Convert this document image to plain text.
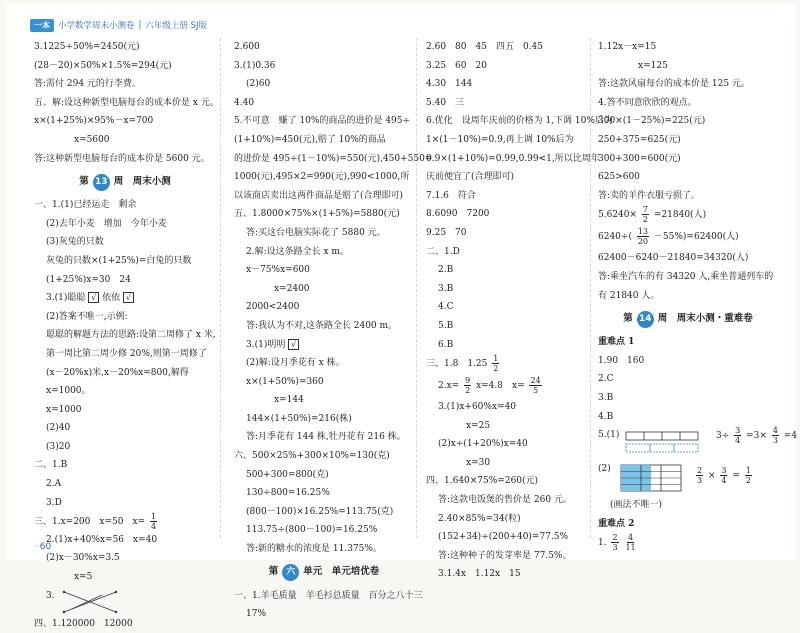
一本 小学数学周末小测卷 | 六年级上册 SJ版
3.1225÷50%=2450(元)
(28－20)×50%×1.5%=294(元)
答:需付 294 元的行李费。
五、解:设这种新型电脑每台的成本价是 x 元。
x×(1+25%)×95%－x=700
x=5600
答:这种新型电脑每台的成本价是 5600 元。
第 13 周　周末小测
一、1.(1)已经运走　剩余
(2)去年小麦　增加　今年小麦
(3)灰兔的只数
灰兔的只数×(1+25%)=白兔的只数
(1+25%)x=30　24
3.(1)聪聪 √ 依依 √
(2)答案不唯一,示例:
聪聪的解题方法的思路:设第二周修了 x 米,
第一周比第二周少修 20%,则第一周修了
(x－20%x)米,x－20%x=800,解得
x=1000。
x=1000
(2)40
(3)20
二、1.B
2.A
3.D
三、1.x=200　x=50　$x= \frac{1}{4}$
2.(1)x+40%x=56　x=40
(2)x－30%x=3.5
x=5
3.
四、1.120000　12000
2.600
3.(1)0.36
(2)60
4.40
5.不可意　赚了 10%的商品的进价是 495÷
(1+10%)=450(元),赔了 10%的商品
的进价是 495÷(1－10%)=550(元),450+550=
1000(元),495×2=990(元),990<1000,所
以该商店卖出这两件商品是赔了(合理即可)
五、1.8000×75%×(1+5%)=5880(元)
答:买这台电脑实际花了 5880 元。
2.解:设这条路全长 x m。
x－75%x=600
x=2400
2000<2400
答:我认为不对,这条路全长 2400 m。
3.(1)明明 √
(2)解:设月季花有 x 株。
x×(1+50%)=360
x=144
144×(1+50%)=216(株)
答:月季花有 144 株,牡丹花有 216 株。
六、500×25%+300×10%=130(克)
500+300=800(克)
130÷800=16.25%
(800－100)×16.25%=113.75(克)
113.75÷(800－100)=16.25%
答:新的糖水的浓度是 11.375%。
第 六 单元　单元培优卷
一、1.羊毛质量　羊毛衫总质量　百分之八十三
17%
2.60　80　45　四五　0.45
3.25　60　20
4.30　144
5.40　三
6.优化　设周年庆前的价格为 1,下调 10%后为
1×(1－10%)=0.9,再上调 10%后为
0.9×(1+10%)=0.99,0.99<1,所以比周年
庆前便宜了(合理即可)
7.1.6　符合
8.6090　7200
9.25　70
二、1.D
2.B
3.B
4.C
5.B
6.B
三、1.8　$1.25 \frac{1}{2}$
$2.x= \frac{9}{2} x=4.8$　$x= \frac{24}{5}$
3.(1)x+60%x=40
x=25
(2)x÷(1+20%)x=40
x=30
四、1.640×75%=260(元)
答:这款电饭煲的售价是 260 元。
2.40×85%=34(粒)
(152+34)÷(200+40)=77.5%
答:这种种子的发芽率是 77.5%。
3.1.4x　1.12x　15
1.12x－x=15
x=125
答:这款风扇每台的成本价是 125 元。
4.答不同意欣欣的观点。
300×(1－25%)=225(元)
250+375=625(元)
300+300=600(元)
625>600
答:卖的羊件衣服亏损了。
$5.6240\times \frac{7}{2} =21840$(人)
$6240\div( \frac{13}{20} -55\%)=62400$(人)
62400－6240－21840=34320(人)
答:乘坐汽车的有 34320 人,乘坐普通列车的
有 21840 人。
第 14 周　周末小测・重难卷
重难点 1
1.90　160
2.C
3.B
4.B
5.(1)	$3\div \frac{3}{4} =3\times \frac{4}{3} =4$
(2)	$\frac{2}{3} \times \frac{3}{4} = \frac{1}{2}$
(画法不唯一)
重难点 2
1. $\frac{2}{3}$
$\frac{4}{11}$
·· 60
